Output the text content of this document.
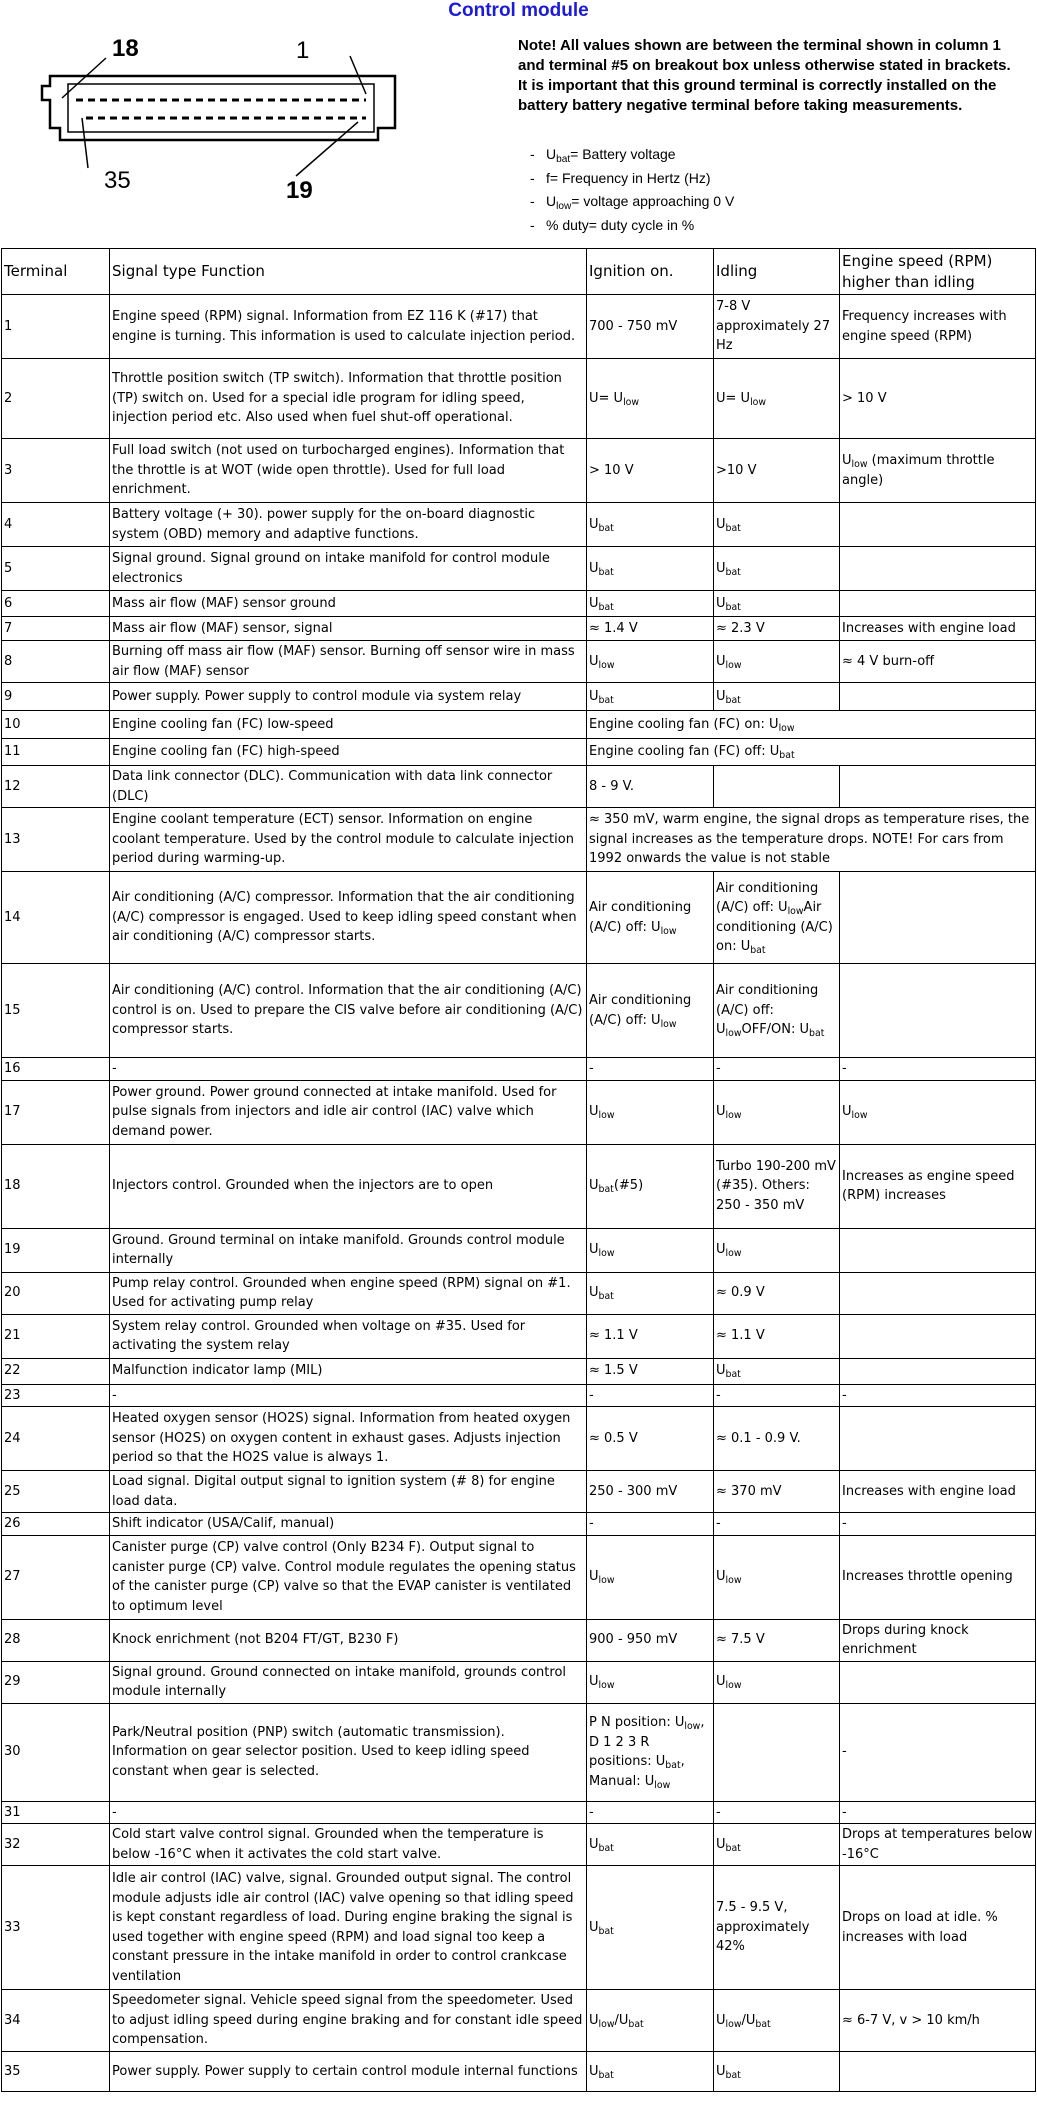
Control module
18	1
35	19
Note! All values shown are between the terminal shown in column 1 and terminal #5 on breakout box unless otherwise stated in brackets. It is important that this ground terminal is correctly installed on the battery battery negative terminal before taking measurements.
- $U_{bat}=$ Battery voltage
- f= Frequency in Hertz (Hz)
- $U_{low}=$ voltage approaching 0 V
- % duty= duty cycle in %
Terminal	Signal type Function	Ignition on.	Idling	Engine speed (RPM) higher than idling
1	Engine speed (RPM) signal. Information from EZ 116 K (#17) that engine is turning. This information is used to calculate injection period.	700 - 750 mV	7-8 V approximately 27 Hz	Frequency increases with engine speed (RPM)
2	Throttle position switch (TP switch). Information that throttle position (TP) switch on. Used for a special idle program for idling speed, injection period etc. Also used when fuel shut-off operational.	$U= U_{low}$	$U= U_{low}$	> 10 V
3	Full load switch (not used on turbocharged engines). Information that the throttle is at WOT (wide open throttle). Used for full load enrichment.	> 10 V	>10 V	$U_{low}$ (maximum throttle angle)
4	Battery voltage (+ 30). power supply for the on-board diagnostic system (OBD) memory and adaptive functions.	$U_{bat}$	$U_{bat}$	
5	Signal ground. Signal ground on intake manifold for control module electronics	$U_{bat}$	$U_{bat}$	
6	Mass air flow (MAF) sensor ground	$U_{bat}$	$U_{bat}$	
7	Mass air flow (MAF) sensor, signal	≈ 1.4 V	≈ 2.3 V	Increases with engine load
8	Burning off mass air flow (MAF) sensor. Burning off sensor wire in mass air flow (MAF) sensor	$U_{low}$	$U_{low}$	≈ 4 V burn-off
9	Power supply. Power supply to control module via system relay	$U_{bat}$	$U_{bat}$	
10	Engine cooling fan (FC) low-speed	Engine cooling fan (FC) on: $U_{low}$
11	Engine cooling fan (FC) high-speed	Engine cooling fan (FC) off: $U_{bat}$
12	Data link connector (DLC). Communication with data link connector (DLC)	8 - 9 V.		
13	Engine coolant temperature (ECT) sensor. Information on engine coolant temperature. Used by the control module to calculate injection period during warming-up.	≈ 350 mV, warm engine, the signal drops as temperature rises, the signal increases as the temperature drops. NOTE! For cars from 1992 onwards the value is not stable		
14	Air conditioning (A/C) compressor. Information that the air conditioning (A/C) compressor is engaged. Used to keep idling speed constant when air conditioning (A/C) compressor starts.	Air conditioning (A/C) off: $U_{low}$	Air conditioning (A/C) off: $U_{low}Air$ conditioning (A/C) on: $U_{bat}$	
15	Air conditioning (A/C) control. Information that the air conditioning (A/C) control is on. Used to prepare the CIS valve before air conditioning (A/C) compressor starts.	Air conditioning (A/C) off: $U_{low}$	Air conditioning (A/C) off: $U_{low}OFF/ON$: $U_{bat}$	
16	-	-	-	-
17	Power ground. Power ground connected at intake manifold. Used for pulse signals from injectors and idle air control (IAC) valve which demand power.	$U_{low}$	$U_{low}$	$U_{low}$
18	Injectors control. Grounded when the injectors are to open	$U_{bat}(\#5)$	Turbo 190-200 mV (#35). Others: 250 - 350 mV	Increases as engine speed (RPM) increases
19	Ground. Ground terminal on intake manifold. Grounds control module internally	$U_{low}$	$U_{low}$	
20	Pump relay control. Grounded when engine speed (RPM) signal on #1. Used for activating pump relay	$U_{bat}$	≈ 0.9 V	
21	System relay control. Grounded when voltage on #35. Used for activating the system relay	≈ 1.1 V	≈ 1.1 V	
22	Malfunction indicator lamp (MIL)	≈ 1.5 V	$U_{bat}$	
23	-	-	-	-
24	Heated oxygen sensor (HO2S) signal. Information from heated oxygen sensor (HO2S) on oxygen content in exhaust gases. Adjusts injection period so that the HO2S value is always 1.	≈ 0.5 V	≈ 0.1 - 0.9 V.	
25	Load signal. Digital output signal to ignition system (# 8) for engine load data.	250 - 300 mV	≈ 370 mV	Increases with engine load
26	Shift indicator (USA/Calif, manual)	-	-	-
27	Canister purge (CP) valve control (Only B234 F). Output signal to canister purge (CP) valve. Control module regulates the opening status of the canister purge (CP) valve so that the EVAP canister is ventilated to optimum level	$U_{low}$	$U_{low}$	Increases throttle opening
28	Knock enrichment (not B204 FT/GT, B230 F)	900 - 950 mV	≈ 7.5 V	Drops during knock enrichment
29	Signal ground. Ground connected on intake manifold, grounds control module internally	$U_{low}$	$U_{low}$	
30	Park/Neutral position (PNP) switch (automatic transmission). Information on gear selector position. Used to keep idling speed constant when gear is selected.	P N position: $U_{low}$, D 1 2 3 R positions: $U_{bat}$, Manual: $U_{low}$		-
31	-	-	-	-
32	Cold start valve control signal. Grounded when the temperature is below -16°C when it activates the cold start valve.	$U_{bat}$	$U_{bat}$	Drops at temperatures below -16°C
33	Idle air control (IAC) valve, signal. Grounded output signal. The control module adjusts idle air control (IAC) valve opening so that idling speed is kept constant regardless of load. During engine braking the signal is used together with engine speed (RPM) and load signal too keep a constant pressure in the intake manifold in order to control crankcase ventilation	$U_{bat}$	7.5 - 9.5 V, approximately 42%	Drops on load at idle. % increases with load
34	Speedometer signal. Vehicle speed signal from the speedometer. Used to adjust idling speed during engine braking and for constant idle speed compensation.	$U_{low}/U_{bat}$	$U_{low}/U_{bat}$	≈ 6-7 V, v > 10 km/h
35	Power supply. Power supply to certain control module internal functions	$U_{bat}$	$U_{bat}$	
